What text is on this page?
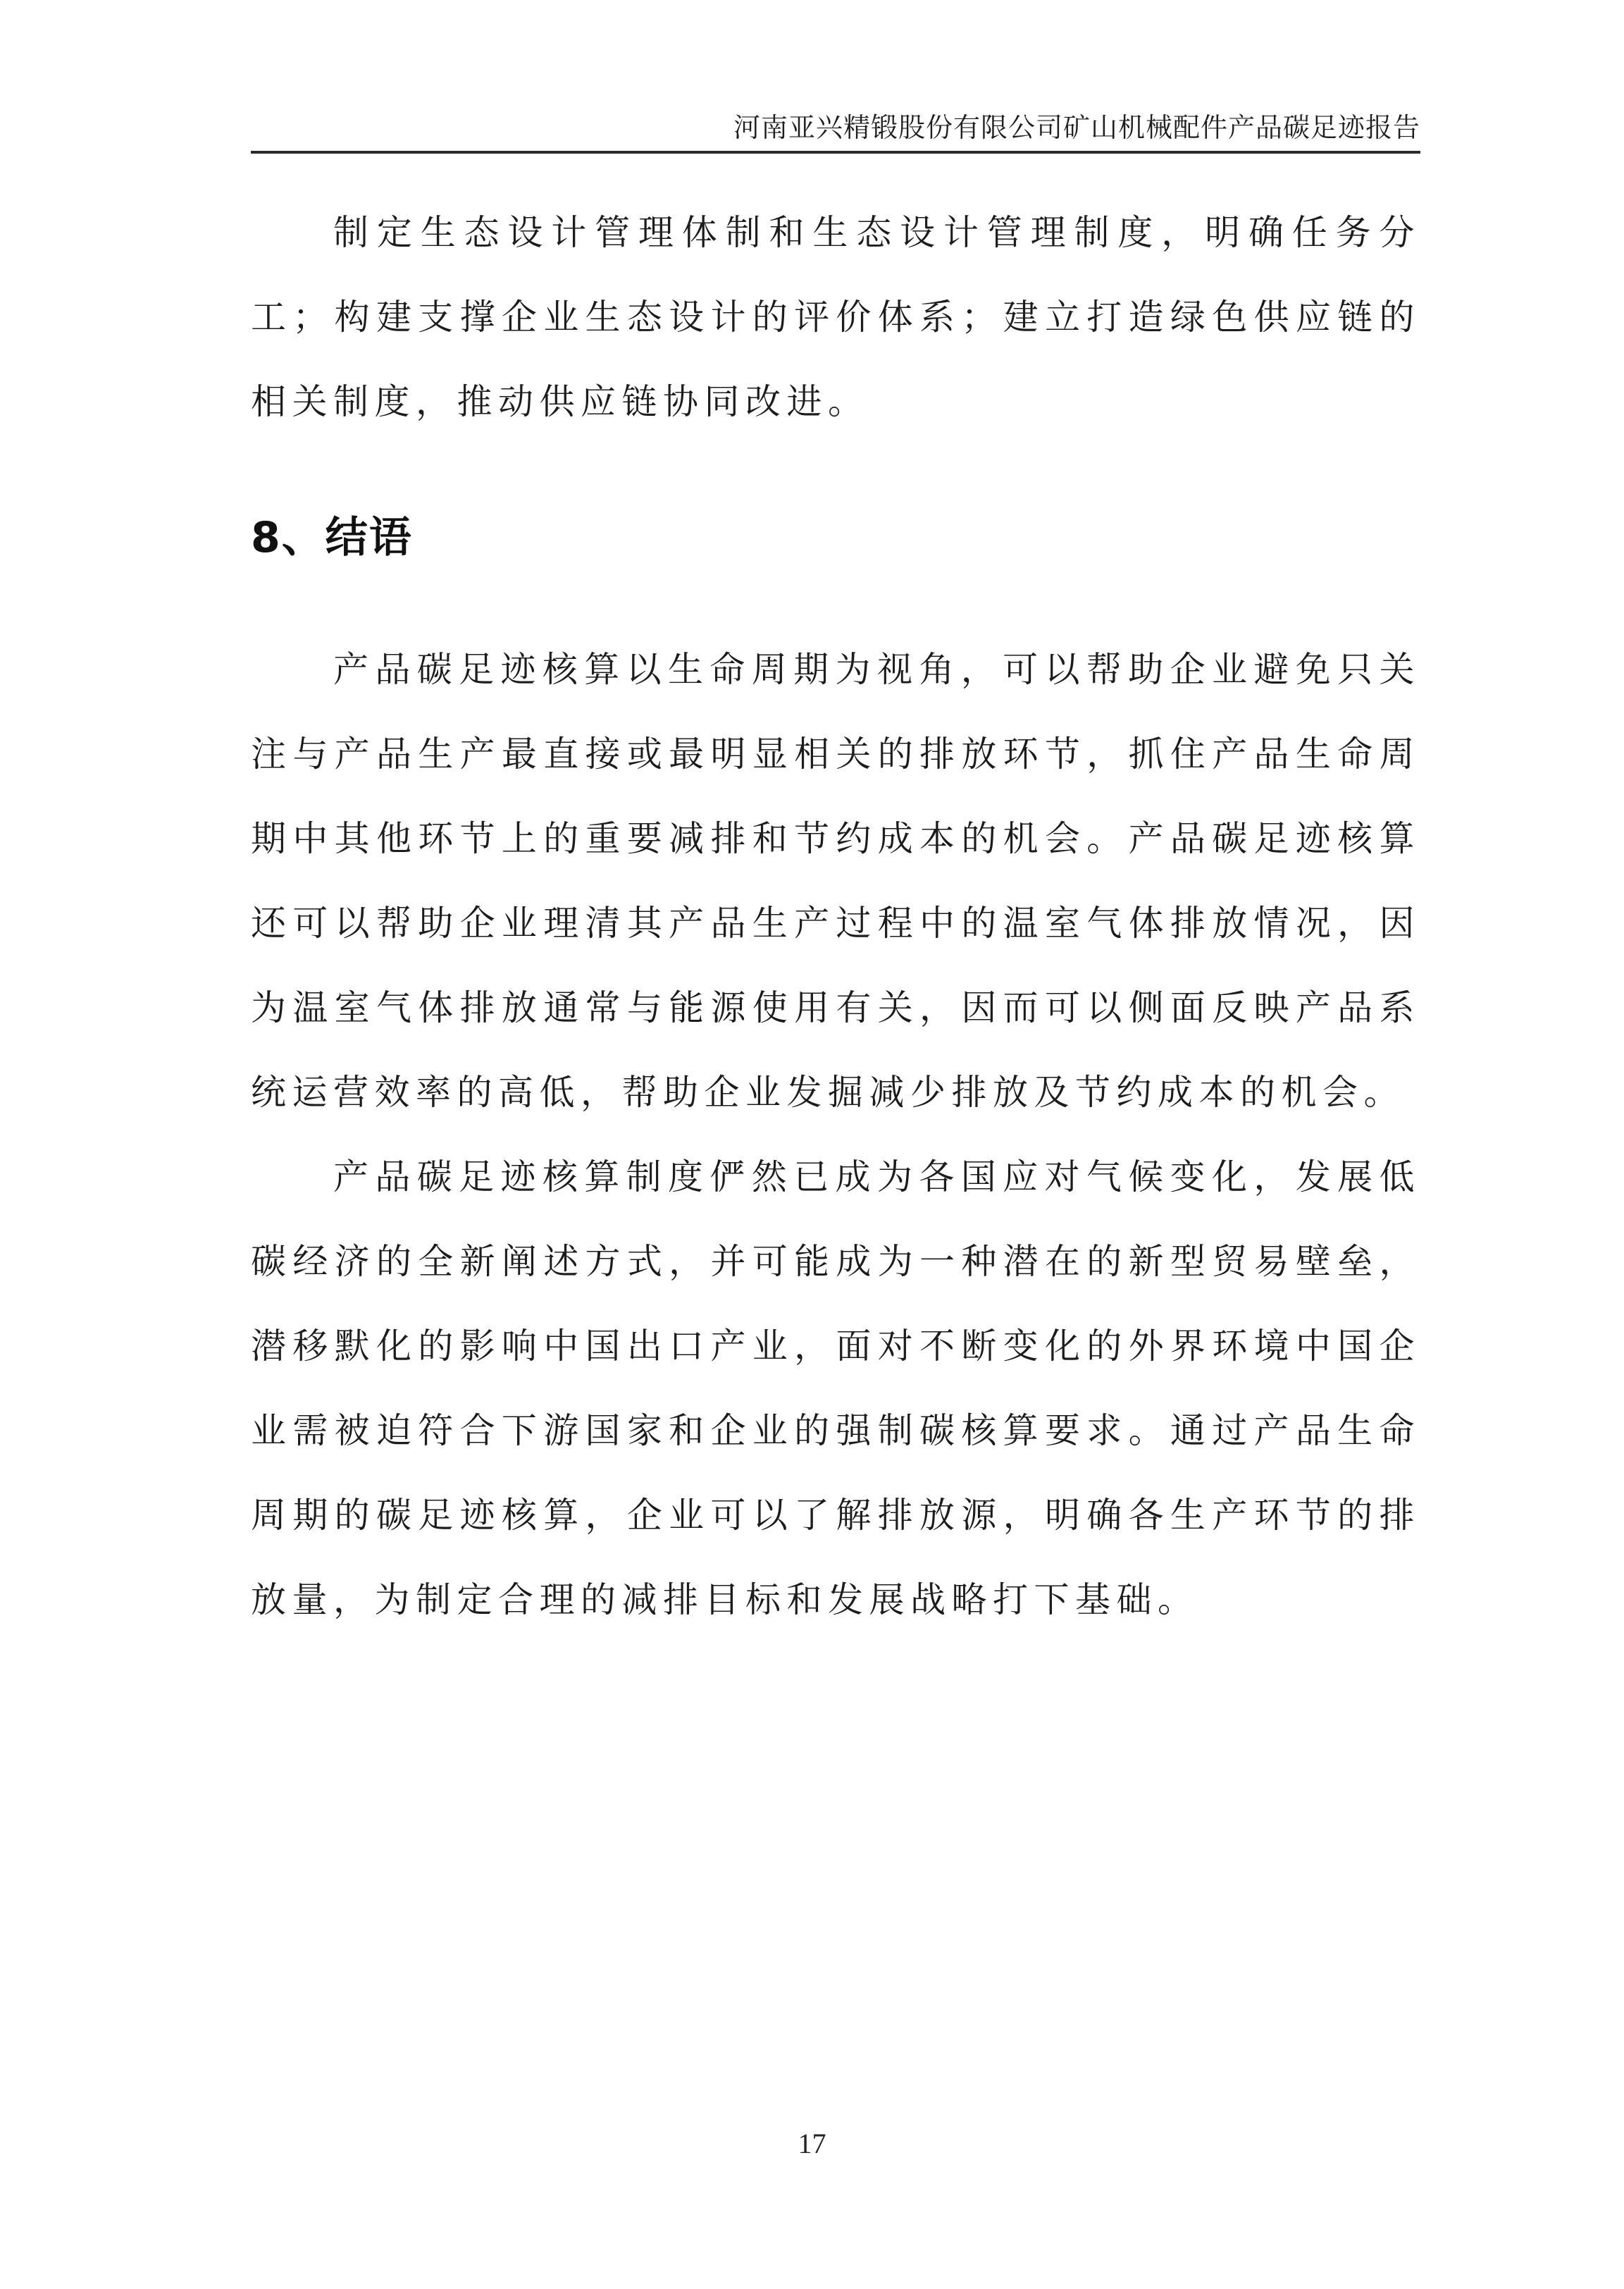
河南亚兴精锻股份有限公司矿山机械配件产品碳足迹报告

制定生态设计管理体制和生态设计管理制度，明确任务分工；构建支撑企业生态设计的评价体系；建立打造绿色供应链的相关制度，推动供应链协同改进。

8、结语

产品碳足迹核算以生命周期为视角，可以帮助企业避免只关注与产品生产最直接或最明显相关的排放环节，抓住产品生命周期中其他环节上的重要减排和节约成本的机会。产品碳足迹核算还可以帮助企业理清其产品生产过程中的温室气体排放情况，因为温室气体排放通常与能源使用有关，因而可以侧面反映产品系统运营效率的高低，帮助企业发掘减少排放及节约成本的机会。

产品碳足迹核算制度俨然已成为各国应对气候变化，发展低碳经济的全新阐述方式，并可能成为一种潜在的新型贸易壁垒，潜移默化的影响中国出口产业，面对不断变化的外界环境中国企业需被迫符合下游国家和企业的强制碳核算要求。通过产品生命周期的碳足迹核算，企业可以了解排放源，明确各生产环节的排放量，为制定合理的减排目标和发展战略打下基础。

17
